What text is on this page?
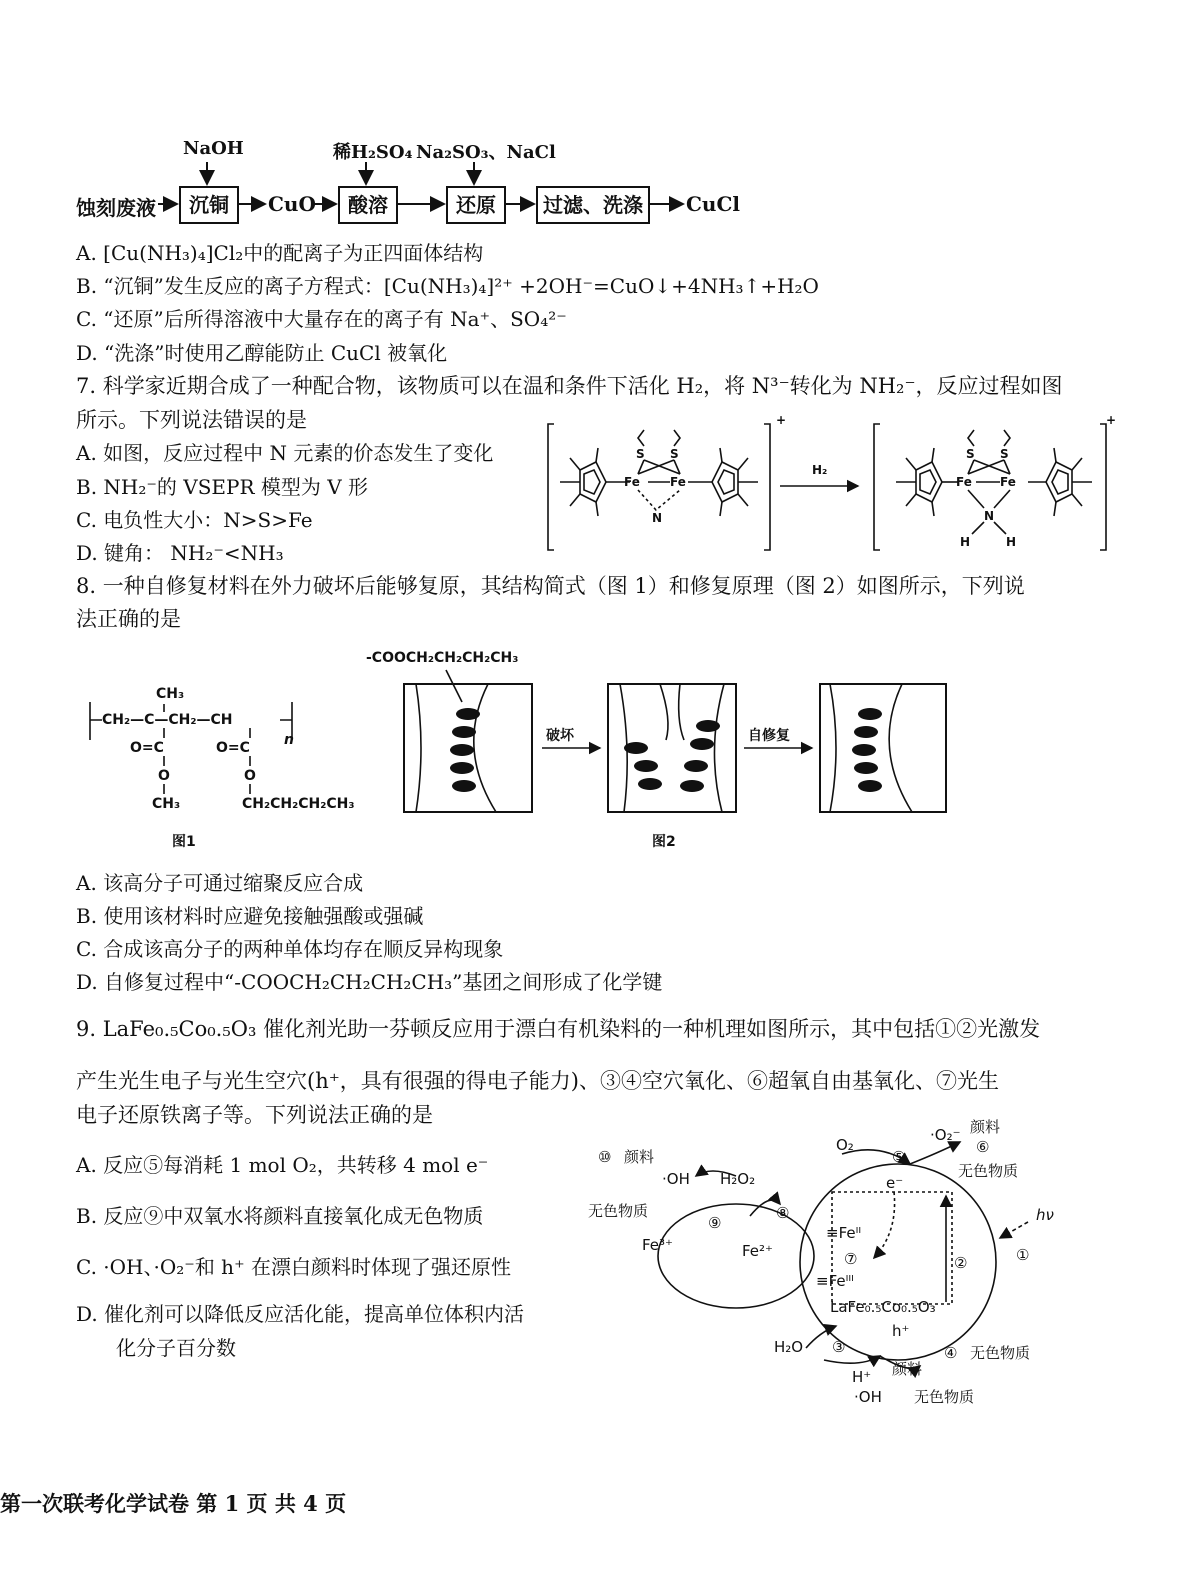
NaOH	稀H₂SO₄ Na₂SO₃、NaCl
蚀刻废液	沉铜	CuO	酸溶	还原	过滤、洗涤	CuCl
A. [Cu(NH₃)₄]Cl₂中的配离子为正四面体结构
B. “沉铜”发生反应的离子方程式：[Cu(NH₃)₄]²⁺ +2OH⁻=CuO↓+4NH₃↑+H₂O
C. “还原”后所得溶液中大量存在的离子有 Na⁺、SO₄²⁻
D. “洗涤”时使用乙醇能防止 CuCl 被氧化
7. 科学家近期合成了一种配合物，该物质可以在温和条件下活化 H₂，将 N³⁻转化为 NH₂⁻，反应过程如图
所示。下列说法错误的是
A. 如图，反应过程中 N 元素的价态发生了变化
B. NH₂⁻的 VSEPR 模型为 V 形
C. 电负性大小：N>S>Fe
D. 键角： NH₂⁻<NH₃
S S
Fe	Fe
N
+
H₂
S S
Fe Fe
N
H	H
+
8. 一种自修复材料在外力破坏后能够复原，其结构简式（图 1）和修复原理（图 2）如图所示，下列说
法正确的是
-COOCH₂CH₂CH₂CH₃
CH₃
CH₂—C—CH₂—CH
n
O=C	O=C
O	O
CH₃	CH₂CH₂CH₂CH₃
图1	图2
破坏	自修复
A. 该高分子可通过缩聚反应合成
B. 使用该材料时应避免接触强酸或强碱
C. 合成该高分子的两种单体均存在顺反异构现象
D. 自修复过程中“-COOCH₂CH₂CH₂CH₃”基团之间形成了化学键
9. LaFe₀.₅Co₀.₅O₃ 催化剂光助一芬顿反应用于漂白有机染料的一种机理如图所示，其中包括①②光激发
产生光生电子与光生空穴(h⁺，具有很强的得电子能力)、③④空穴氧化、⑥超氧自由基氧化、⑦光生
电子还原铁离子等。下列说法正确的是
A. 反应⑤每消耗 1 mol O₂，共转移 4 mol e⁻
B. 反应⑨中双氧水将颜料直接氧化成无色物质
C. ·OH、·O₂⁻和 h⁺ 在漂白颜料时体现了强还原性
D. 催化剂可以降低反应活化能，提高单位体积内活
化分子百分数
O₂
⑤
·O₂⁻ 颜料
⑥
无色物质
⑩ 颜料
·OH H₂O₂
无色物质
⑨
⑧
Fe³⁺	Fe²⁺
e⁻
hν
①
②
≡Feᴵᴵ
⑦
≡Feᴵᴵᴵ
LaFe₀.₅Co₀.₅O₃
h⁺
H₂O ③	④ 无色物质
颜料
H⁺
·OH 无色物质
第一次联考化学试卷 第 1 页 共 4 页
